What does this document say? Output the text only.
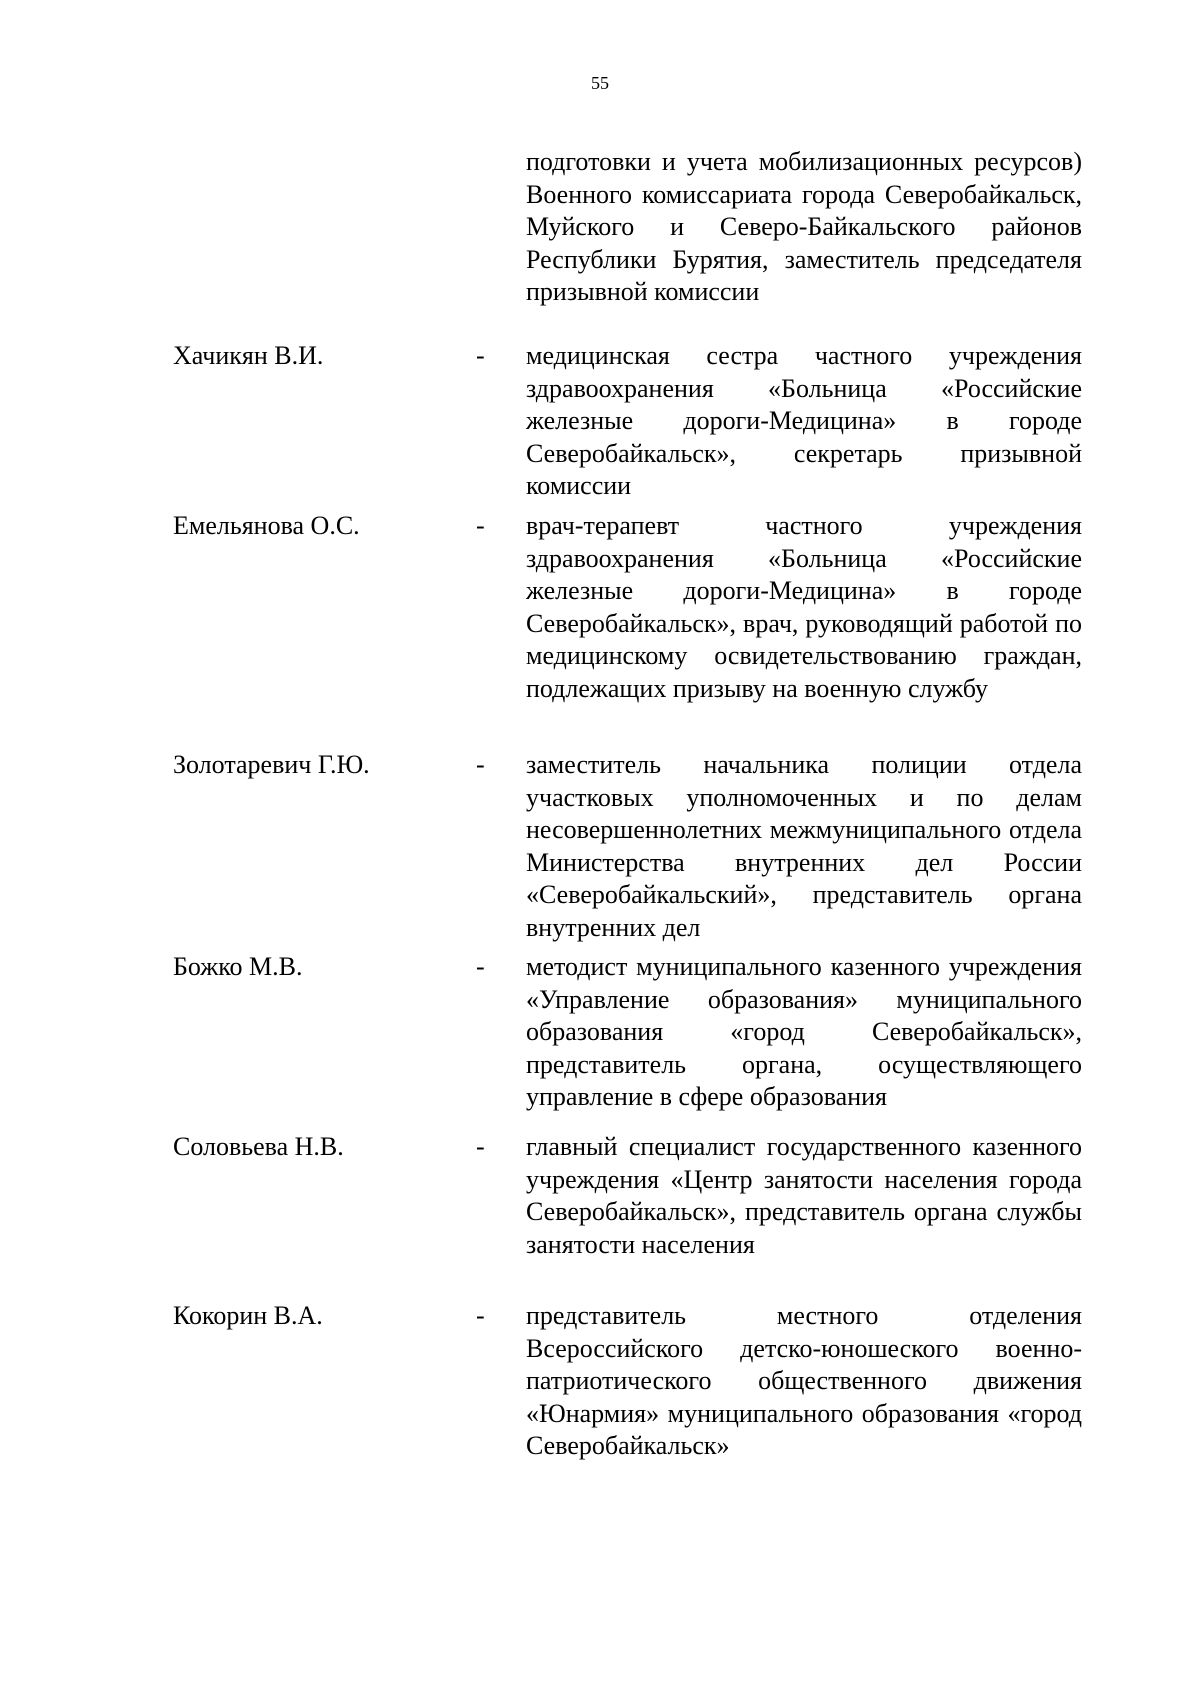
55
подготовки и учета мобилизационных ресурсов) Военного комиссариата города Северобайкальск, Муйского и Северо-Байкальского районов Республики Бурятия, заместитель председателя призывной комиссии
Хачикян В.И.	- медицинская сестра частного учреждения здравоохранения «Больница «Российские железные дороги-Медицина» в городе Северобайкальск», секретарь призывной комиссии
Емельянова О.С.	- врач-терапевт частного учреждения здравоохранения «Больница «Российские железные дороги-Медицина» в городе Северобайкальск», врач, руководящий работой по медицинскому освидетельствованию граждан, подлежащих призыву на военную службу
Золотаревич Г.Ю.	- заместитель начальника полиции отдела участковых уполномоченных и по делам несовершеннолетних межмуниципального отдела Министерства внутренних дел России «Северобайкальский», представитель органа внутренних дел
Божко М.В.	- методист муниципального казенного учреждения «Управление образования» муниципального образования «город Северобайкальск», представитель органа, осуществляющего управление в сфере образования
Соловьева Н.В.	- главный специалист государственного казенного учреждения «Центр занятости населения города Северобайкальск», представитель органа службы занятости населения
Кокорин В.А.	- представитель местного отделения Всероссийского детско-юношеского военно-патриотического общественного движения «Юнармия» муниципального образования «город Северобайкальск»
